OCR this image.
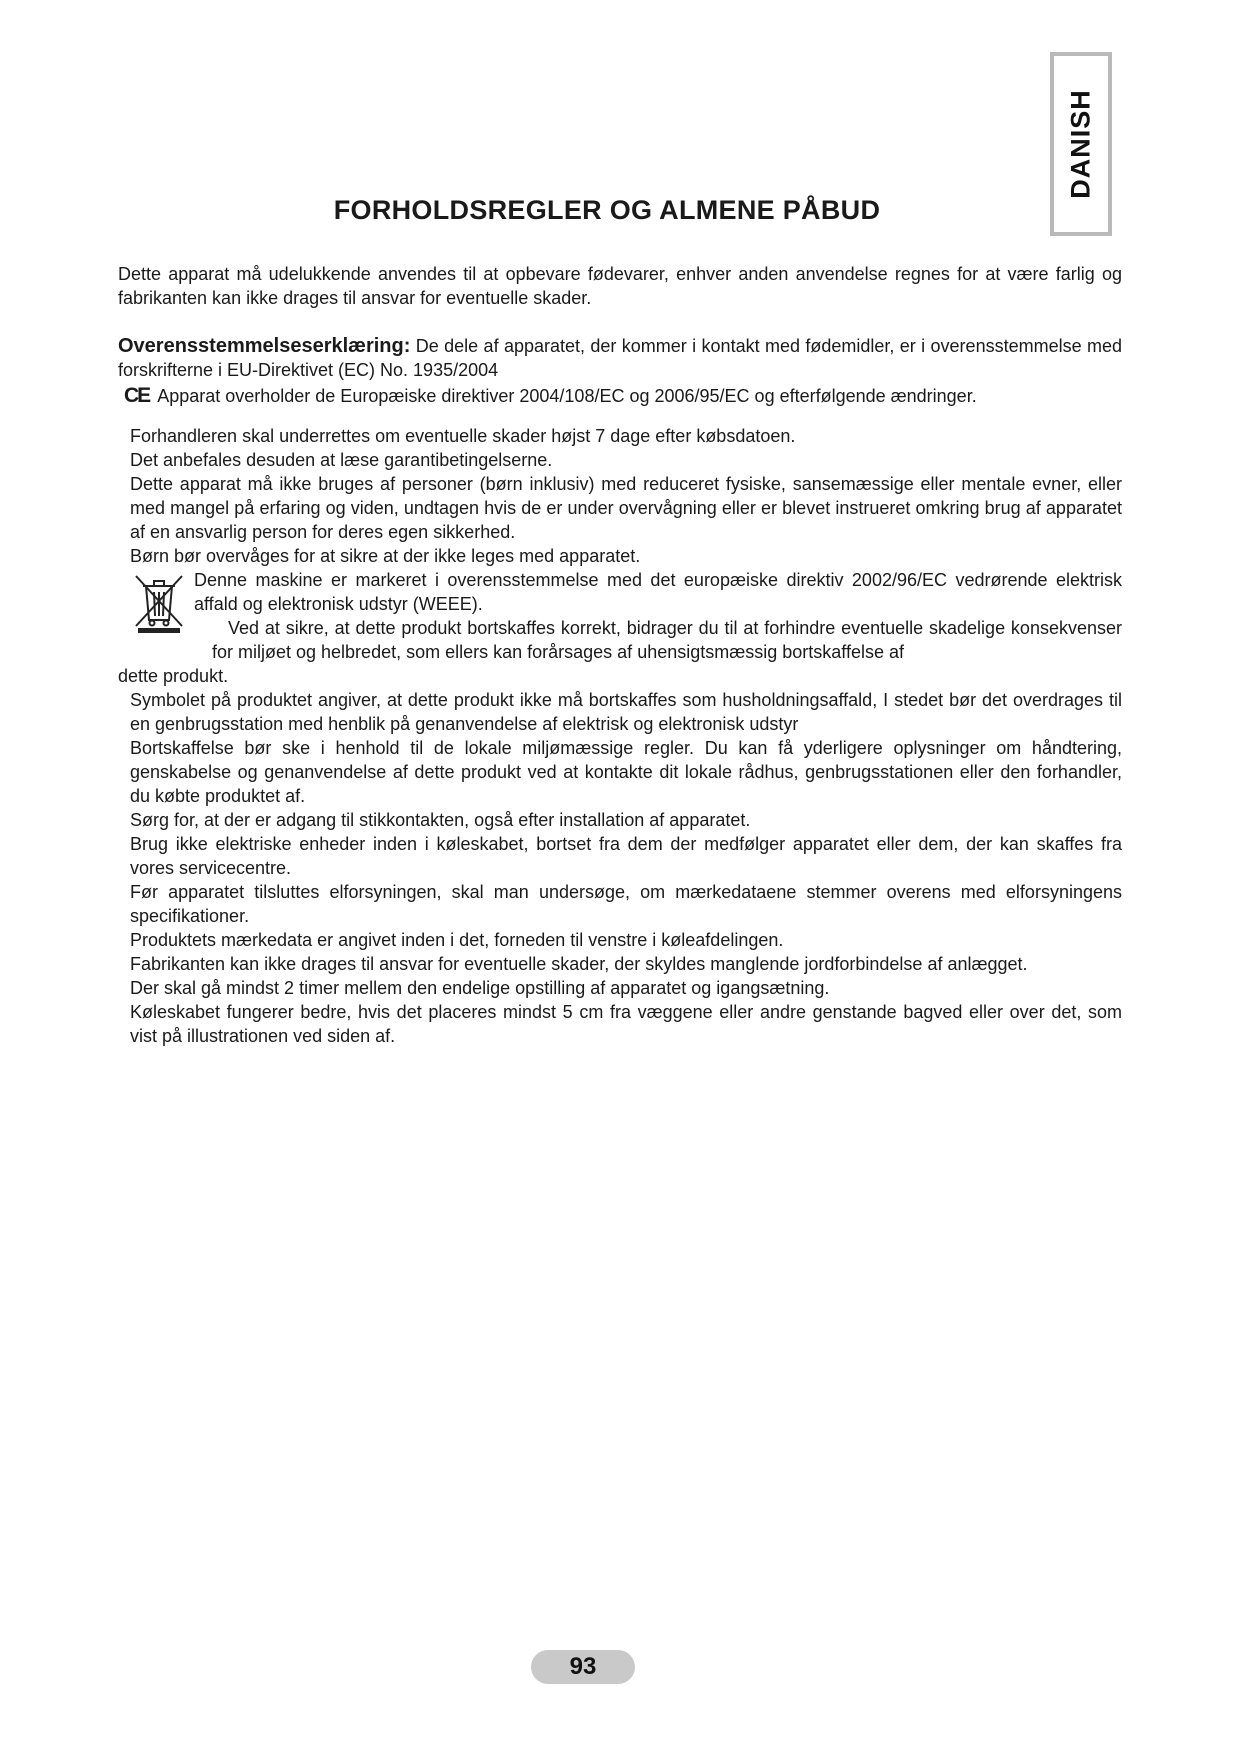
DANISH
FORHOLDSREGLER OG ALMENE PÅBUD

Dette apparat må udelukkende anvendes til at opbevare fødevarer, enhver anden anvendelse regnes for at være farlig og fabrikanten kan ikke drages til ansvar for eventuelle skader.

Overensstemmelseserklæring: De dele af apparatet, der kommer i kontakt med fødemidler, er i overensstemmelse med forskrifterne i EU-Direktivet (EC) No. 1935/2004

CE Apparat overholder de Europæiske direktiver 2004/108/EC og 2006/95/EC og efterfølgende ændringer.

Forhandleren skal underrettes om eventuelle skader højst 7 dage efter købsdatoen.

Det anbefales desuden at læse garantibetingelserne.

Dette apparat må ikke bruges af personer (børn inklusiv) med reduceret fysiske, sansemæssige eller mentale evner, eller med mangel på erfaring og viden, undtagen hvis de er under overvågning eller er blevet instrueret omkring brug af apparatet af en ansvarlig person for deres egen sikkerhed.

Børn bør overvåges for at sikre at der ikke leges med apparatet.

Denne maskine er markeret i overensstemmelse med det europæiske direktiv 2002/96/EC vedrørende elektrisk affald og elektronisk udstyr (WEEE).

Ved at sikre, at dette produkt bortskaffes korrekt, bidrager du til at forhindre eventuelle skadelige konsekvenser for miljøet og helbredet, som ellers kan forårsages af uhensigtsmæssig bortskaffelse af

dette produkt.

Symbolet på produktet angiver, at dette produkt ikke må bortskaffes som husholdningsaffald, I stedet bør det overdrages til en genbrugsstation med henblik på genanvendelse af elektrisk og elektronisk udstyr

Bortskaffelse bør ske i henhold til de lokale miljømæssige regler. Du kan få yderligere oplysninger om håndtering, genskabelse og genanvendelse af dette produkt ved at kontakte dit lokale rådhus, genbrugsstationen eller den forhandler, du købte produktet af.

Sørg for, at der er adgang til stikkontakten, også efter installation af apparatet.

Brug ikke elektriske enheder inden i køleskabet, bortset fra dem der medfølger apparatet eller dem, der kan skaffes fra vores servicecentre.

Før apparatet tilsluttes elforsyningen, skal man undersøge, om mærkedataene stemmer overens med elforsyningens specifikationer.

Produktets mærkedata er angivet inden i det, forneden til venstre i køleafdelingen.

Fabrikanten kan ikke drages til ansvar for eventuelle skader, der skyldes manglende jordforbindelse af anlægget.

Der skal gå mindst 2 timer mellem den endelige opstilling af apparatet og igangsætning.

Køleskabet fungerer bedre, hvis det placeres mindst 5 cm fra væggene eller andre genstande bagved eller over det, som vist på illustrationen ved siden af.

93
